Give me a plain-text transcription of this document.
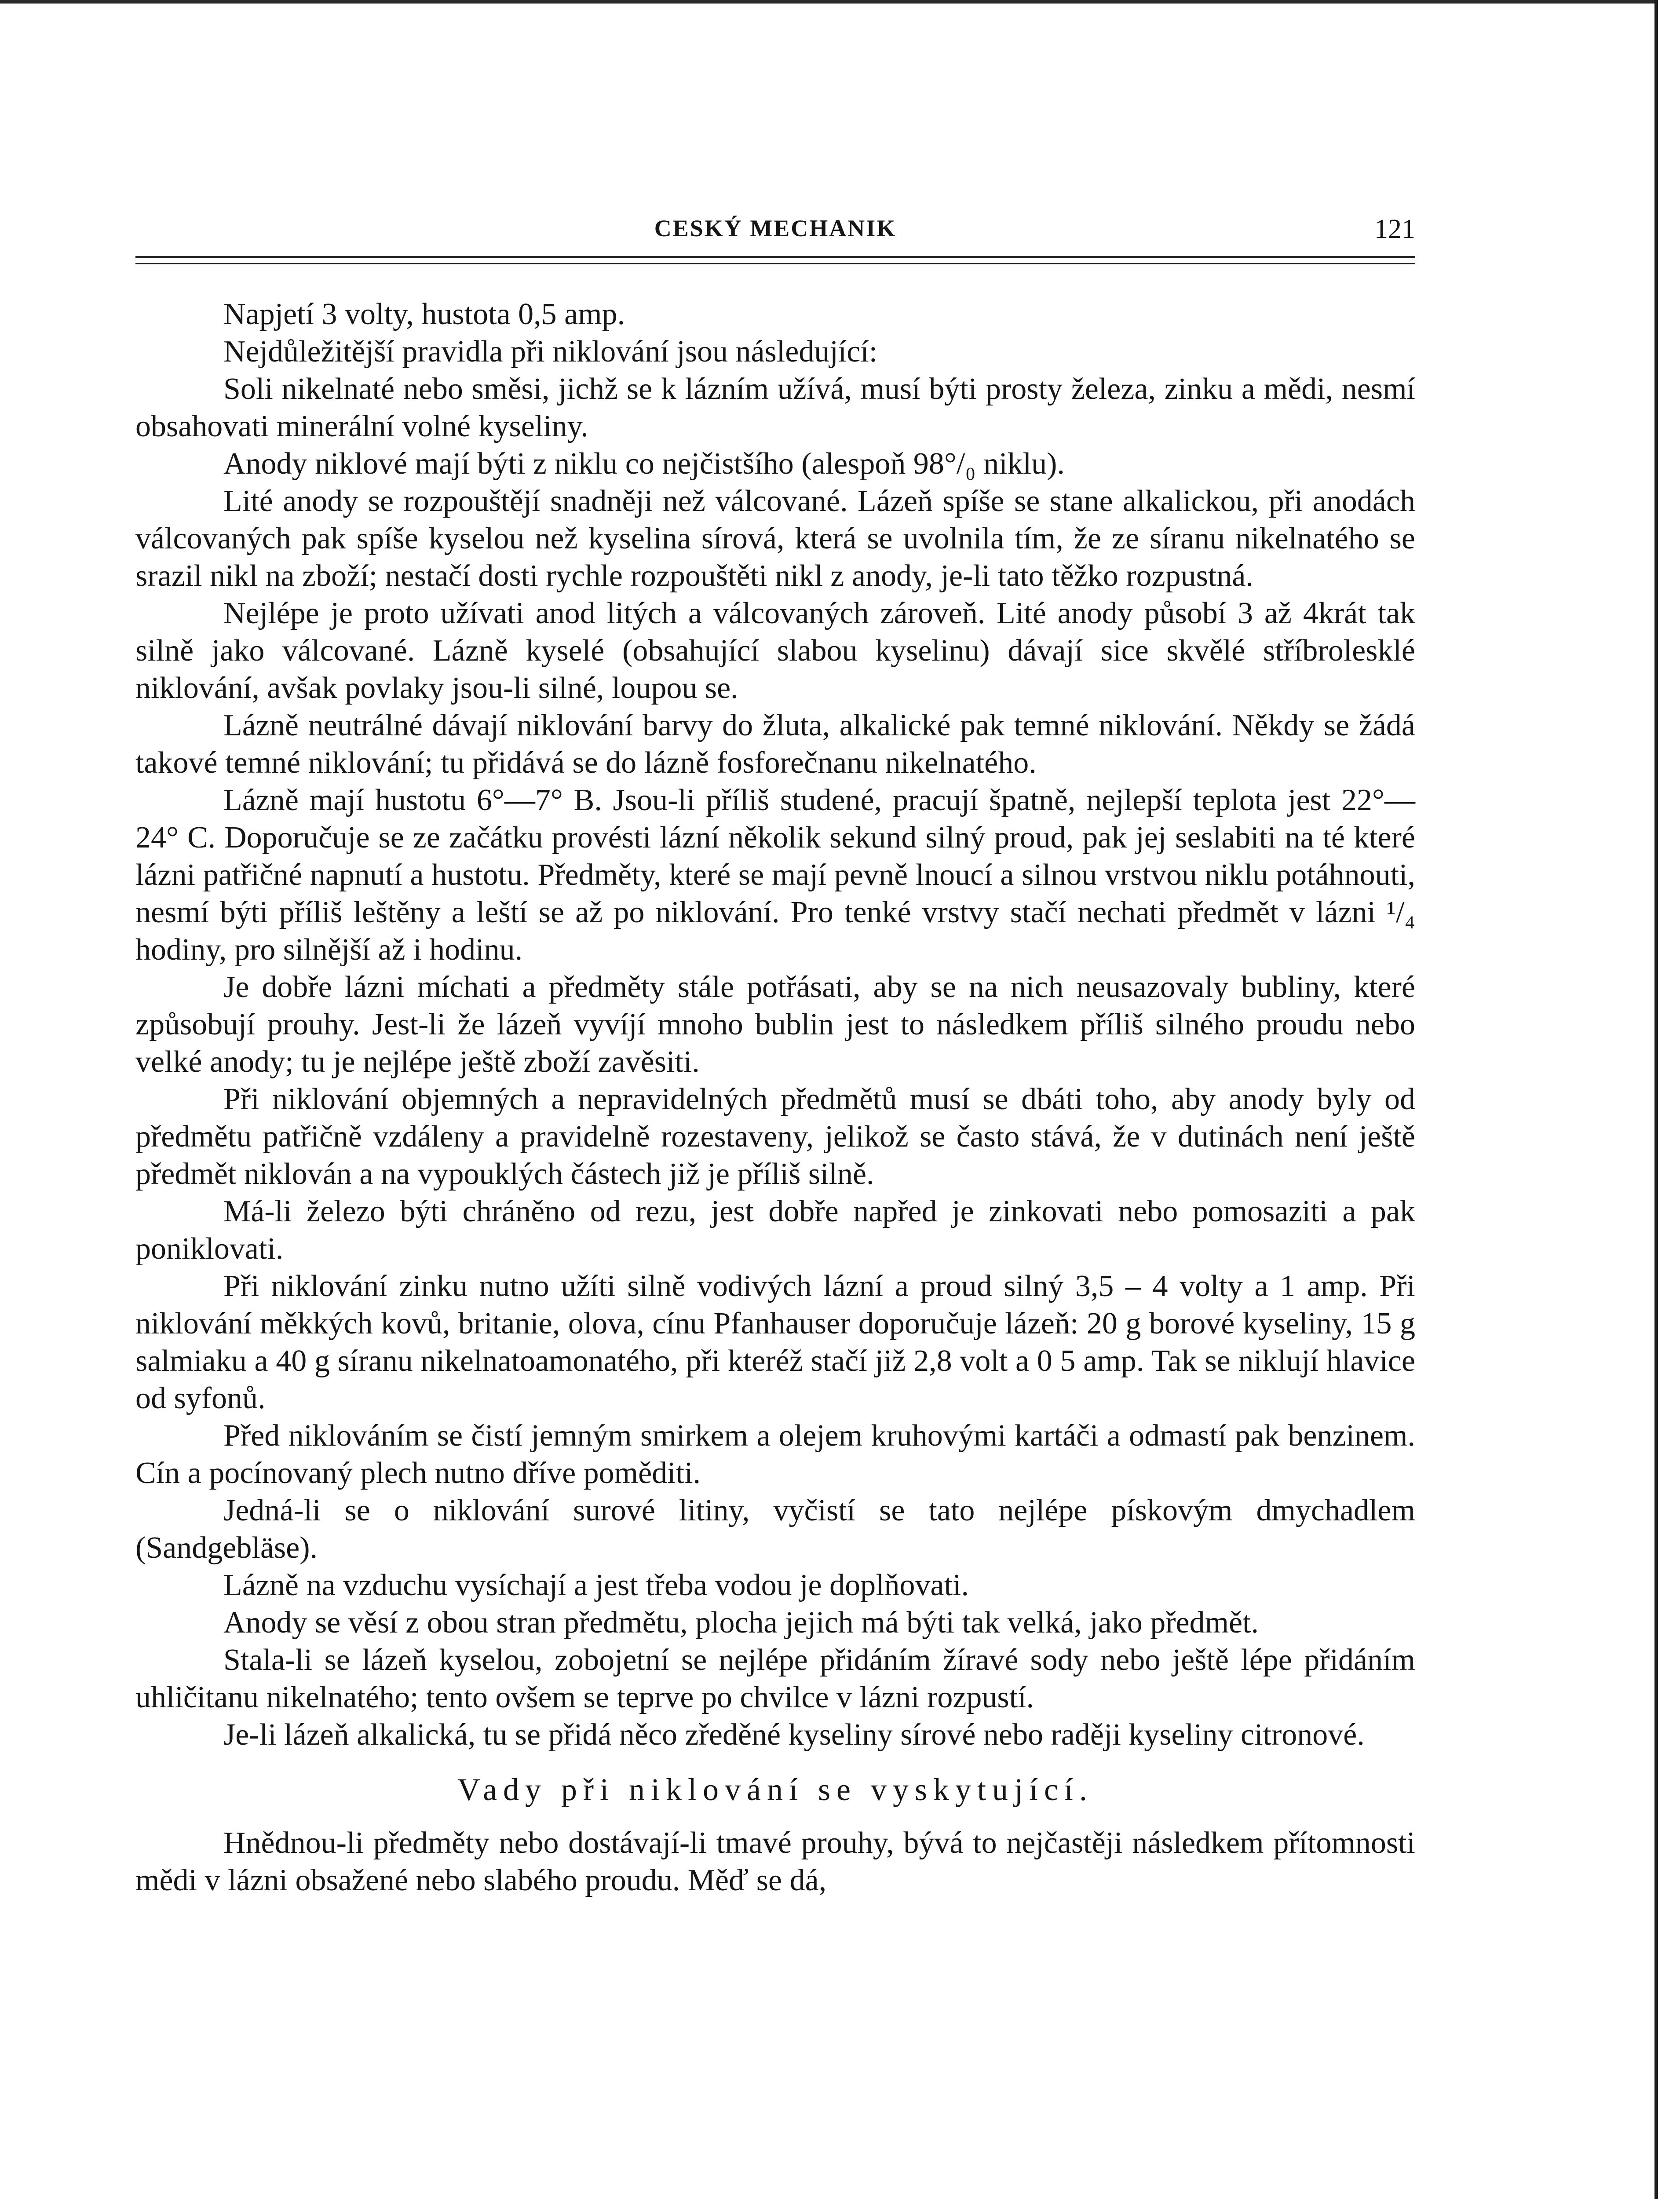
CESKÝ MECHANIK	121

Napjetí 3 volty, hustota 0,5 amp.

Nejdůležitější pravidla při niklování jsou následující:

Soli nikelnaté nebo směsi, jichž se k lázním užívá, musí býti prosty železa, zinku a mědi, nesmí obsahovati minerální volné kyseliny.

Anody niklové mají býti z niklu co nejčistšího (alespoň 98°/₀ niklu).

Lité anody se rozpouštějí snadněji než válcované. Lázeň spíše se stane alkalickou, při anodách válcovaných pak spíše kyselou než kyselina sírová, která se uvolnila tím, že ze síranu nikelnatého se srazil nikl na zboží; nestačí dosti rychle rozpouštěti nikl z anody, je-li tato těžko rozpustná.

Nejlépe je proto užívati anod litých a válcovaných zároveň. Lité anody působí 3 až 4krát tak silně jako válcované. Lázně kyselé (obsahující slabou kyselinu) dávají sice skvělé stříbrolesklé niklování, avšak povlaky jsou-li silné, loupou se.

Lázně neutrálné dávají niklování barvy do žluta, alkalické pak temné niklování. Někdy se žádá takové temné niklování; tu přidává se do lázně fosforečnanu nikelnatého.

Lázně mají hustotu 6°—7° B. Jsou-li příliš studené, pracují špatně, nejlepší teplota jest 22°—24° C. Doporučuje se ze začátku provésti lázní několik sekund silný proud, pak jej seslabiti na té které lázni patřičné napnutí a hustotu. Předměty, které se mají pevně lnoucí a silnou vrstvou niklu potáhnouti, nesmí býti příliš leštěny a leští se až po niklování. Pro tenké vrstvy stačí nechati předmět v lázni ¹/₄ hodiny, pro silnější až i hodinu.

Je dobře lázni míchati a předměty stále potřásati, aby se na nich neusazovaly bubliny, které způsobují prouhy. Jest-li že lázeň vyvíjí mnoho bublin jest to následkem příliš silného proudu nebo velké anody; tu je nejlépe ještě zboží zavěsiti.

Při niklování objemných a nepravidelných předmětů musí se dbáti toho, aby anody byly od předmětu patřičně vzdáleny a pravidelně rozestaveny, jelikož se často stává, že v dutinách není ještě předmět niklován a na vypouklých částech již je příliš silně.

Má-li železo býti chráněno od rezu, jest dobře napřed je zinkovati nebo pomosaziti a pak poniklovati.

Při niklování zinku nutno užíti silně vodivých lázní a proud silný 3,5 – 4 volty a 1 amp. Při niklování měkkých kovů, britanie, olova, cínu Pfanhauser doporučuje lázeň: 20 g borové kyseliny, 15 g salmiaku a 40 g síranu nikelnatoamonatého, při kteréž stačí již 2,8 volt a 0 5 amp. Tak se niklují hlavice od syfonů.

Před niklováním se čistí jemným smirkem a olejem kruhovými kartáči a odmastí pak benzinem. Cín a pocínovaný plech nutno dříve poměditi.

Jedná-li se o niklování surové litiny, vyčistí se tato nejlépe pískovým dmychadlem (Sandgebläse).

Lázně na vzduchu vysíchají a jest třeba vodou je doplňovati.

Anody se věsí z obou stran předmětu, plocha jejich má býti tak velká, jako předmět.

Stala-li se lázeň kyselou, zobojetní se nejlépe přidáním žíravé sody nebo ještě lépe přidáním uhličitanu nikelnatého; tento ovšem se teprve po chvilce v lázni rozpustí.

Je-li lázeň alkalická, tu se přidá něco zředěné kyseliny sírové nebo raději kyseliny citronové.

Vady při niklování se vyskytující.

Hnědnou-li předměty nebo dostávají-li tmavé prouhy, bývá to nejčastěji následkem přítomnosti mědi v lázni obsažené nebo slabého proudu. Měď se dá,
